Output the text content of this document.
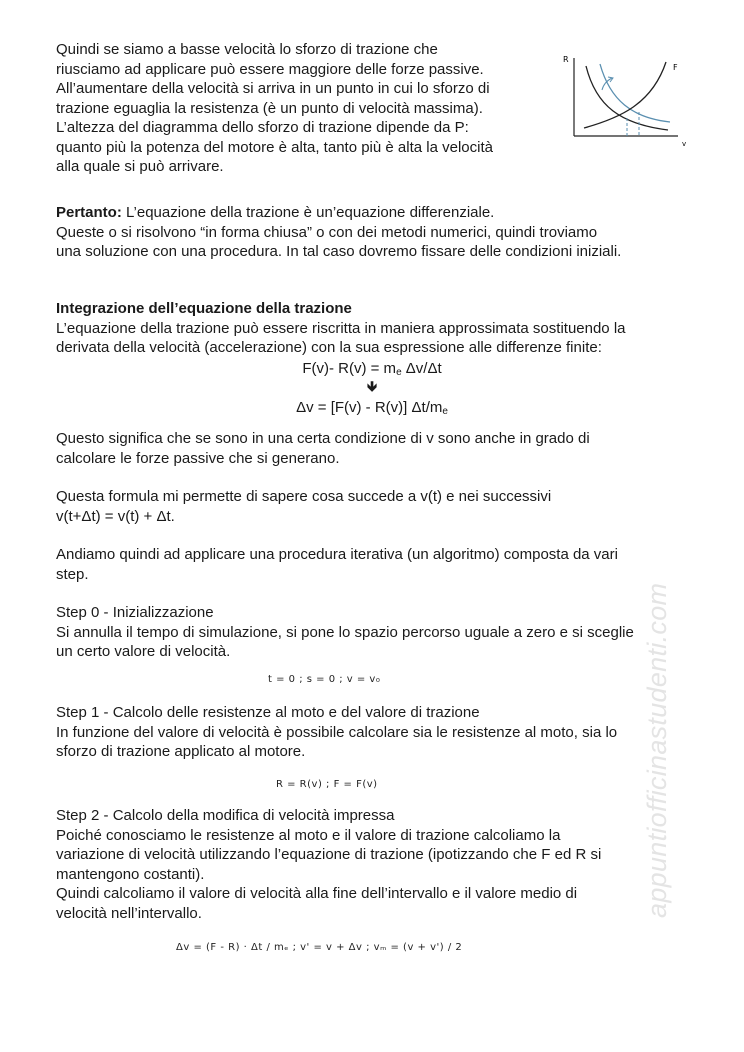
Quindi se siamo a basse velocità lo sforzo di trazione che
riusciamo ad applicare può essere maggiore delle forze passive.
All’aumentare della velocità si arriva in un punto in cui lo sforzo di
trazione eguaglia la resistenza (è un punto di velocità massima).
L’altezza del diagramma dello sforzo di trazione dipende da P:
quanto più la potenza del motore è alta, tanto più è alta la velocità
alla quale si può arrivare.
R
F
v
Pertanto: L’equazione della trazione è un’equazione differenziale.
Queste o si risolvono “in forma chiusa” o con dei metodi numerici, quindi troviamo
una soluzione con una procedura. In tal caso dovremo fissare delle condizioni iniziali.
Integrazione dell’equazione della trazione
L’equazione della trazione può essere riscritta in maniera approssimata sostituendo la
derivata della velocità (accelerazione) con la sua espressione alle differenze finite:
F(v)- $R(v) = m_e$ Δv/Δt
🡻
Δv = [F(v) - R(v)] $\Delta t/m_e$
Questo significa che se sono in una certa condizione di v sono anche in grado di
calcolare le forze passive che si generano.
Questa formula mi permette di sapere cosa succede a v(t) e nei successivi
v(t+Δt) = v(t) + Δt.
Andiamo quindi ad applicare una procedura iterativa (un algoritmo) composta da vari
step.
Step 0 - Inizializzazione
Si annulla il tempo di simulazione, si pone lo spazio percorso uguale a zero e si sceglie
un certo valore di velocità.
t = 0 ; s = 0 ; v = v₀
Step 1 - Calcolo delle resistenze al moto e del valore di trazione
In funzione del valore di velocità è possibile calcolare sia le resistenze al moto, sia lo
sforzo di trazione applicato al motore.
R = R(v) ; F = F(v)
Step 2 - Calcolo della modifica di velocità impressa
Poiché conosciamo le resistenze al moto e il valore di trazione calcoliamo la
variazione di velocità utilizzando l’equazione di trazione (ipotizzando che F ed R si
mantengono costanti).
Quindi calcoliamo il valore di velocità alla fine dell’intervallo e il valore medio di
velocità nell’intervallo.
Δv = (F - R) · Δt / mₑ ; v' = v + Δv ; vₘ = (v + v') / 2
appuntiofficinastudenti.com
